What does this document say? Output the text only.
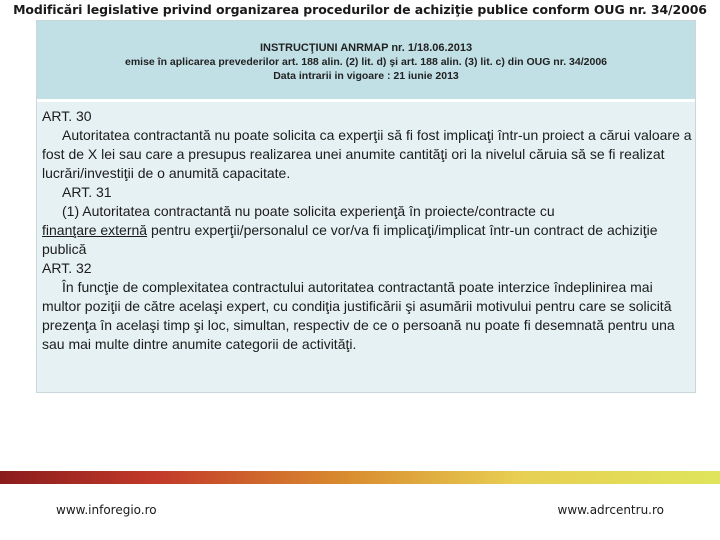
Modificări legislative privind organizarea procedurilor de achiziţie publice conform OUG nr. 34/2006
INSTRUCŢIUNI ANRMAP nr. 1/18.06.2013
emise în aplicarea prevederilor art. 188 alin. (2) lit. d) şi art. 188 alin. (3) lit. c) din OUG nr. 34/2006
Data intrarii in vigoare : 21 iunie 2013

ART. 30

Autoritatea contractantă nu poate solicita ca experţii să fi fost implicaţi într-un proiect a cărui valoare a fost de X lei sau care a presupus realizarea unei anumite cantităţi ori la nivelul căruia să se fi realizat lucrări/investiţii de o anumită capacitate.

ART. 31

(1) Autoritatea contractantă nu poate solicita experienţă în proiecte/contracte cu
finanţare externă pentru experţii/personalul ce vor/va fi implicaţi/implicat într-un contract de achiziţie publică

ART. 32

În funcţie de complexitatea contractului autoritatea contractantă poate interzice îndeplinirea mai multor poziţii de către acelaşi expert, cu condiţia justificării şi asumării motivului pentru care se solicită prezenţa în acelaşi timp şi loc, simultan, respectiv de ce o persoană nu poate fi desemnată pentru una sau mai multe dintre anumite categorii de activităţi.

www.inforegio.ro	www.adrcentru.ro
